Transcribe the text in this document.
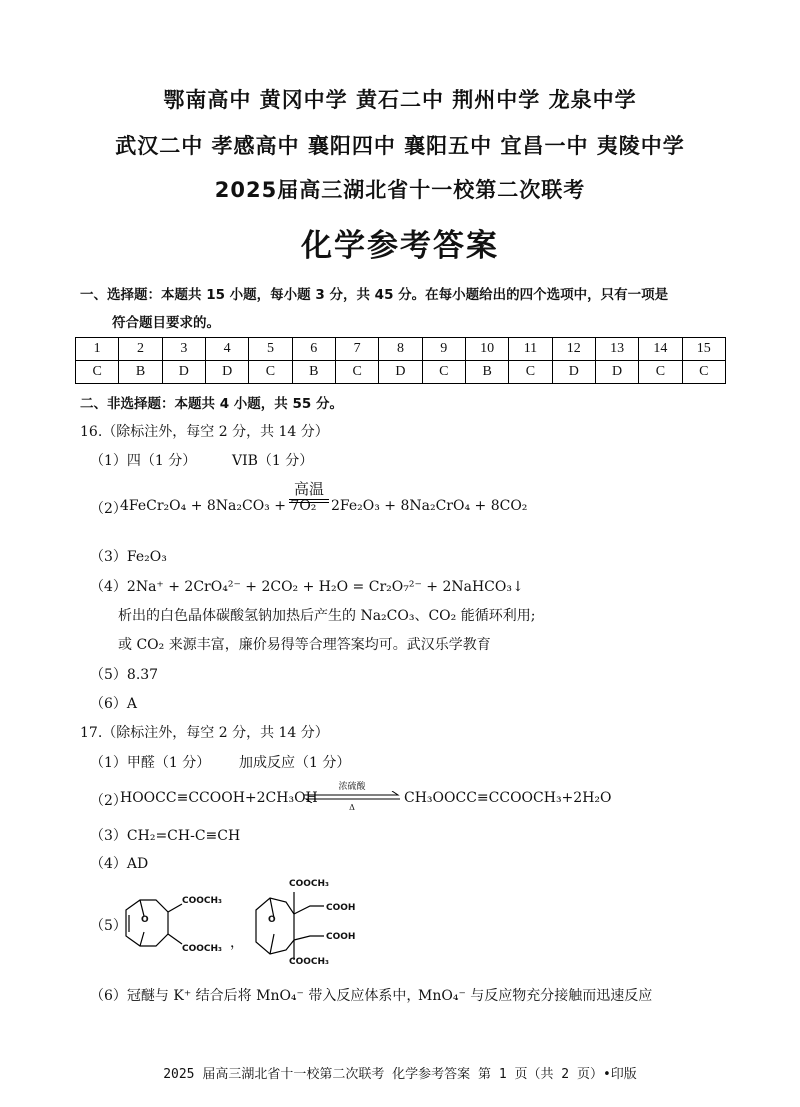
鄂南高中 黄冈中学 黄石二中 荆州中学 龙泉中学
武汉二中 孝感高中 襄阳四中 襄阳五中 宜昌一中 夷陵中学
2025届高三湖北省十一校第二次联考
化学参考答案
一、选择题：本题共 15 小题，每小题 3 分，共 45 分。在每小题给出的四个选项中，只有一项是
符合题目要求的。
1	2	3	4	5	6	7	8	9	10	11	12	13	14	15
C	B	D	D	C	B	C	D	C	B	C	D	D	C	C
二、非选择题：本题共 4 小题，共 55 分。
16.（除标注外，每空 2 分，共 14 分）
（1）四（1 分）	VIB（1 分）
（2）
4FeCr₂O₄ + 8Na₂CO₃ + 7O₂
高温
2Fe₂O₃ + 8Na₂CrO₄ + 8CO₂
（3）Fe₂O₃
（4）2Na⁺ + 2CrO₄²⁻ + 2CO₂ + H₂O = Cr₂O₇²⁻ + 2NaHCO₃↓
析出的白色晶体碳酸氢钠加热后产生的 Na₂CO₃、CO₂ 能循环利用;
或 CO₂ 来源丰富，廉价易得等合理答案均可。武汉乐学教育
（5）8.37
（6）A
17.（除标注外，每空 2 分，共 14 分）
（1）甲醛（1 分） 加成反应（1 分）
（2）
HOOCC≡CCOOH+2CH₃OH
浓硫酸
Δ
CH₃OOCC≡CCOOCH₃+2H₂O
（3）CH₂=CH-C≡CH
（4）AD
（5） O
COOCH₃
COOCH₃ ，
O
COOCH₃
COOH
COOH
COOCH₃
（6）冠醚与 K⁺ 结合后将 MnO₄⁻ 带入反应体系中，
MnO₄⁻ 与反应物充分接触而迅速反应
2025 届高三湖北省十一校第二次联考 化学参考答案 第 1 页（共 2 页）•印版
